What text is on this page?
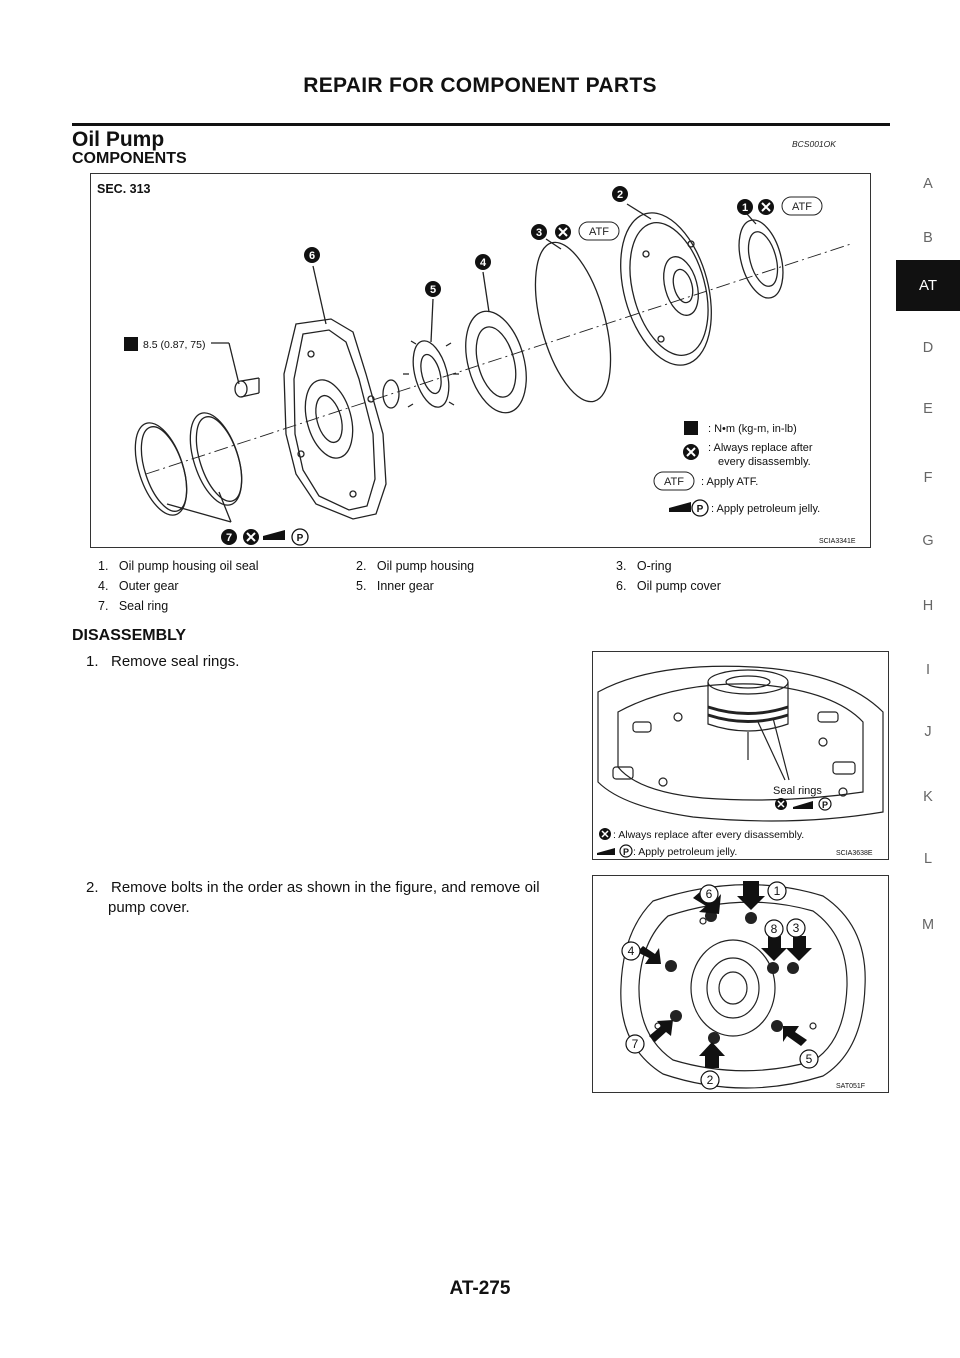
REPAIR FOR COMPONENT PARTS
Oil Pump	BCS001OK
COMPONENTS
1
2
3
4
5
6
7
ATF
ATF
ATF
P
P
SEC. 313
8.5 (0.87, 75)
: N•m (kg-m, in-lb)
: Always replace after
every disassembly.
: Apply ATF.
: Apply petroleum jelly.
SCIA3341E
1.   Oil pump housing oil seal	2.   Oil pump housing	3.   O-ring
4.   Outer gear	5.   Inner gear	6.   Oil pump cover
7.   Seal ring
DISASSEMBLY
1.   Remove seal rings.
Seal rings
P
: Always replace after every disassembly.
P : Apply petroleum jelly.	SCIA3638E
2.   Remove bolts in the order as shown in the figure, and remove oil
pump cover.
1
2
3
4
5
6
7
8
SAT051F
A
B
AT
D
E
F
G
H
I
J
K
L
M
AT-275
